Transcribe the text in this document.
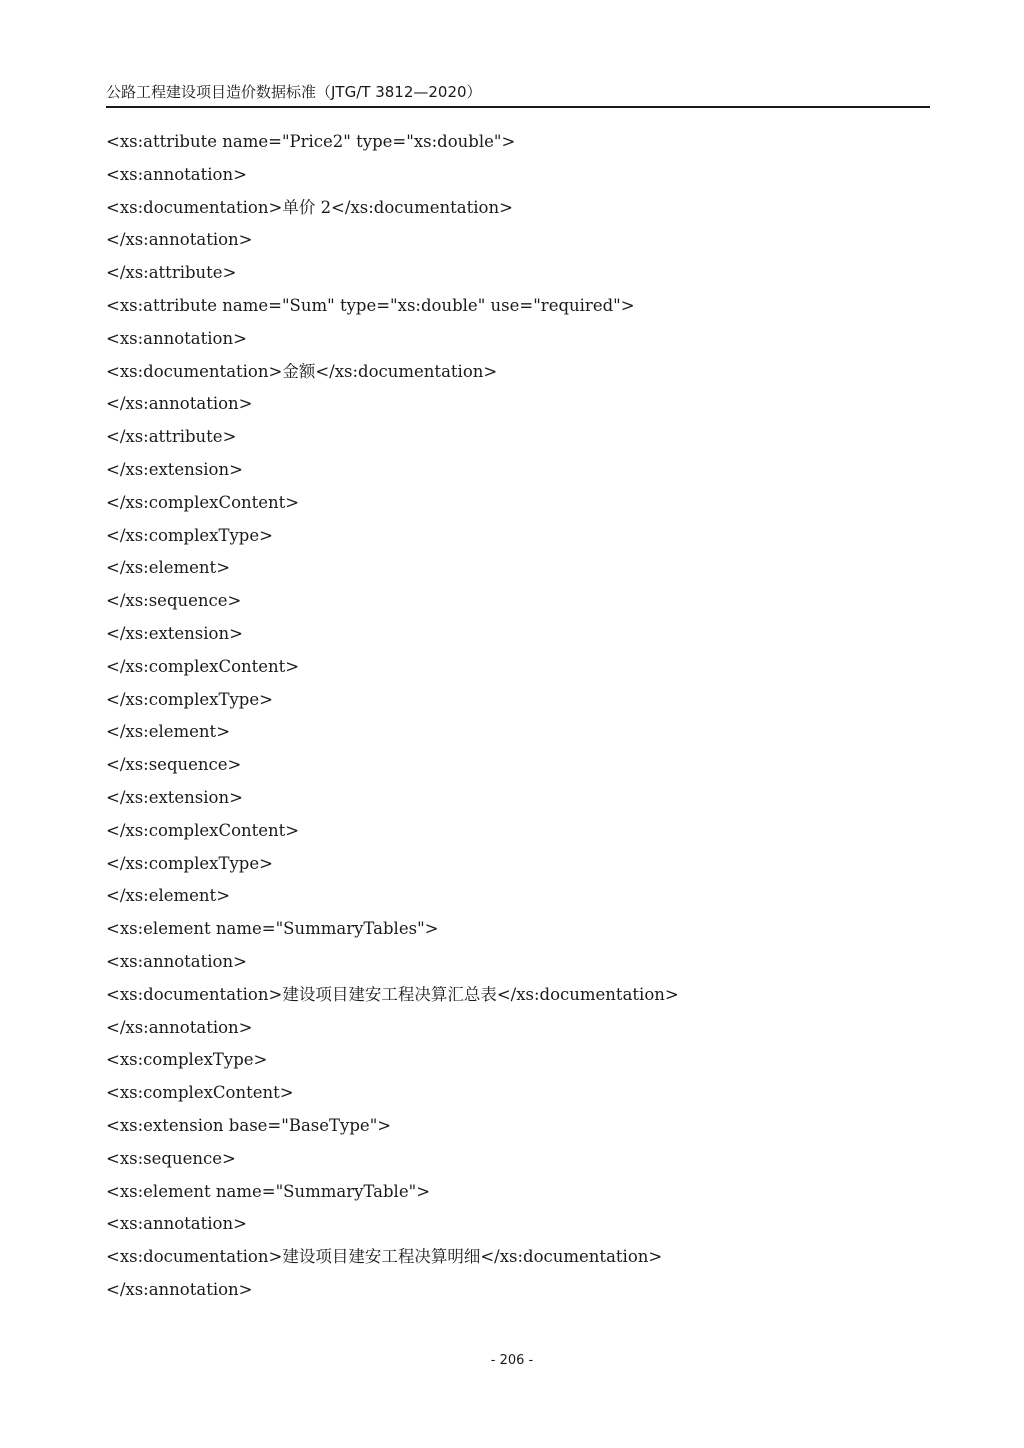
公路工程建设项目造价数据标准（JTG/T 3812—2020）
<xs:attribute name="Price2" type="xs:double">
<xs:annotation>
<xs:documentation>单价 2</xs:documentation>
</xs:annotation>
</xs:attribute>
<xs:attribute name="Sum" type="xs:double" use="required">
<xs:annotation>
<xs:documentation>金额</xs:documentation>
</xs:annotation>
</xs:attribute>
</xs:extension>
</xs:complexContent>
</xs:complexType>
</xs:element>
</xs:sequence>
</xs:extension>
</xs:complexContent>
</xs:complexType>
</xs:element>
</xs:sequence>
</xs:extension>
</xs:complexContent>
</xs:complexType>
</xs:element>
<xs:element name="SummaryTables">
<xs:annotation>
<xs:documentation>建设项目建安工程决算汇总表</xs:documentation>
</xs:annotation>
<xs:complexType>
<xs:complexContent>
<xs:extension base="BaseType">
<xs:sequence>
<xs:element name="SummaryTable">
<xs:annotation>
<xs:documentation>建设项目建安工程决算明细</xs:documentation>
</xs:annotation>
- 206 -
